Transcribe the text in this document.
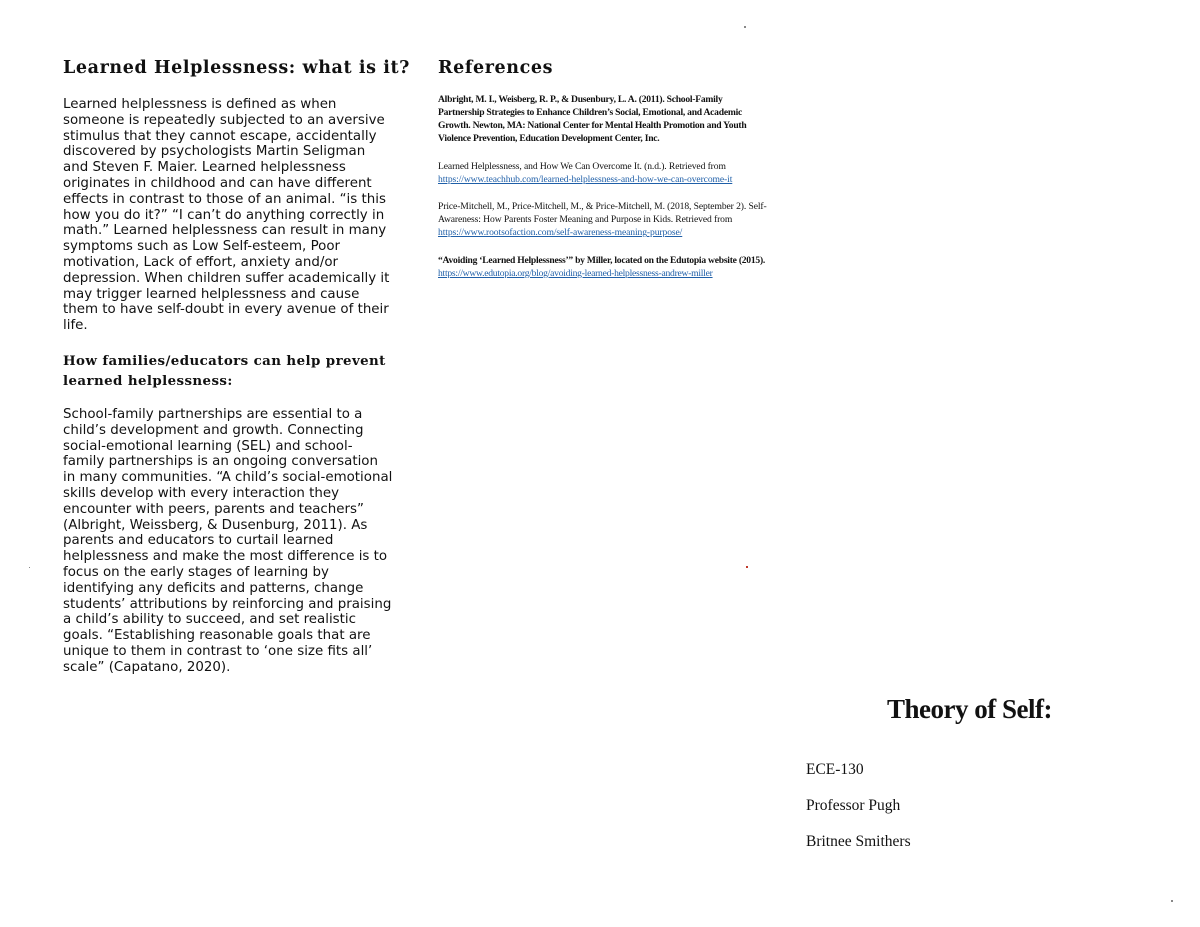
Learned Helplessness: what is it?

Learned helplessness is defined as when someone is repeatedly subjected to an aversive stimulus that they cannot escape, accidentally discovered by psychologists Martin Seligman and Steven F. Maier. Learned helplessness originates in childhood and can have different effects in contrast to those of an animal. “is this how you do it?” “I can’t do anything correctly in math.” Learned helplessness can result in many symptoms such as Low Self-esteem, Poor motivation, Lack of effort, anxiety and/or depression. When children suffer academically it may trigger learned helplessness and cause them to have self-doubt in every avenue of their life.

How families/educators can help prevent learned helplessness:

School-family partnerships are essential to a child’s development and growth. Connecting social-emotional learning (SEL) and school-family partnerships is an ongoing conversation in many communities. “A child’s social-emotional skills develop with every interaction they encounter with peers, parents and teachers” (Albright, Weissberg, & Dusenburg, 2011). As parents and educators to curtail learned helplessness and make the most difference is to focus on the early stages of learning by identifying any deficits and patterns, change students’ attributions by reinforcing and praising a child’s ability to succeed, and set realistic goals. “Establishing reasonable goals that are unique to them in contrast to ‘one size fits all’ scale” (Capatano, 2020).

References

Albright, M. I., Weisberg, R. P., & Dusenbury, L. A. (2011). School-Family Partnership Strategies to Enhance Children’s Social, Emotional, and Academic Growth. Newton, MA: National Center for Mental Health Promotion and Youth Violence Prevention, Education Development Center, Inc.

Learned Helplessness, and How We Can Overcome It. (n.d.). Retrieved from https://www.teachhub.com/learned-helplessness-and-how-we-can-overcome-it

Price-Mitchell, M., Price-Mitchell, M., & Price-Mitchell, M. (2018, September 2). Self-Awareness: How Parents Foster Meaning and Purpose in Kids. Retrieved from https://www.rootsofaction.com/self-awareness-meaning-purpose/

“Avoiding ‘Learned Helplessness’” by Miller, located on the Edutopia website (2015). https://www.edutopia.org/blog/avoiding-learned-helplessness-andrew-miller

Theory of Self:
ECE-130
Professor Pugh
Britnee Smithers
